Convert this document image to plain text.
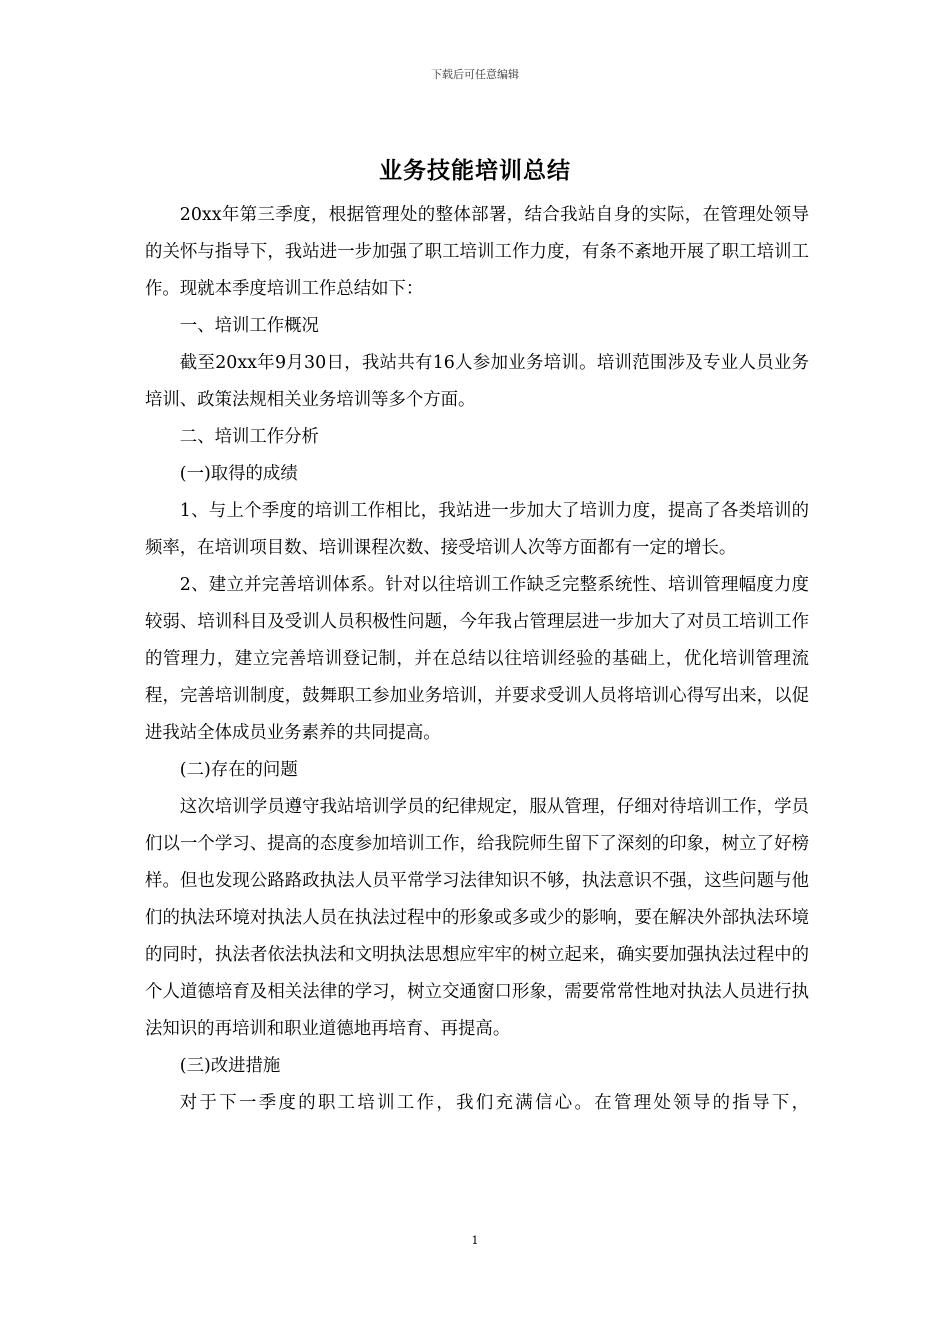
下载后可任意编辑
业务技能培训总结

20xx年第三季度，根据管理处的整体部署，结合我站自身的实际，在管理处领导的关怀与指导下，我站进一步加强了职工培训工作力度，有条不紊地开展了职工培训工作。现就本季度培训工作总结如下：

一、培训工作概况

截至20xx年9月30日，我站共有16人参加业务培训。培训范围涉及专业人员业务培训、政策法规相关业务培训等多个方面。

二、培训工作分析

(一)取得的成绩

1、与上个季度的培训工作相比，我站进一步加大了培训力度，提高了各类培训的频率，在培训项目数、培训课程次数、接受培训人次等方面都有一定的增长。

2、建立并完善培训体系。针对以往培训工作缺乏完整系统性、培训管理幅度力度较弱、培训科目及受训人员积极性问题，今年我占管理层进一步加大了对员工培训工作的管理力，建立完善培训登记制，并在总结以往培训经验的基础上，优化培训管理流程，完善培训制度，鼓舞职工参加业务培训，并要求受训人员将培训心得写出来，以促进我站全体成员业务素养的共同提高。

(二)存在的问题

这次培训学员遵守我站培训学员的纪律规定，服从管理，仔细对待培训工作，学员们以一个学习、提高的态度参加培训工作，给我院师生留下了深刻的印象，树立了好榜样。但也发现公路路政执法人员平常学习法律知识不够，执法意识不强，这些问题与他们的执法环境对执法人员在执法过程中的形象或多或少的影响，要在解决外部执法环境的同时，执法者依法执法和文明执法思想应牢牢的树立起来，确实要加强执法过程中的个人道德培育及相关法律的学习，树立交通窗口形象，需要常常性地对执法人员进行执法知识的再培训和职业道德地再培育、再提高。

(三)改进措施

对于下一季度的职工培训工作，我们充满信心。在管理处领导的指导下，

1
